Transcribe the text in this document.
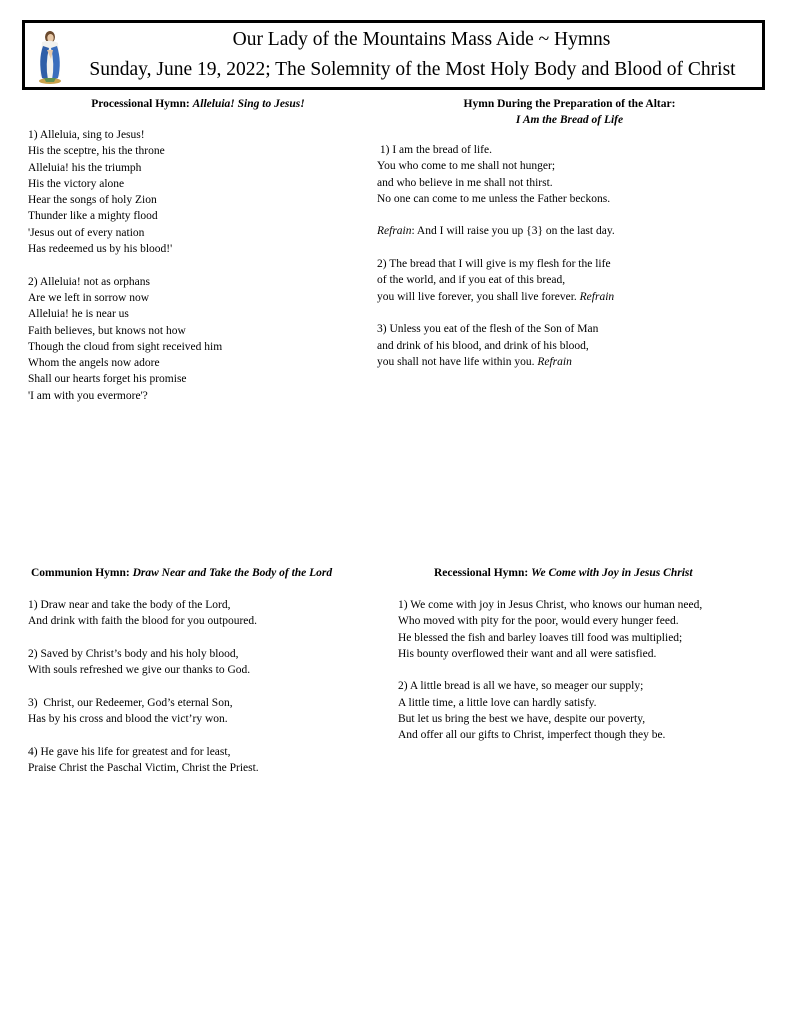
Our Lady of the Mountains Mass Aide ~ Hymns
Sunday, June 19, 2022; The Solemnity of the Most Holy Body and Blood of Christ
Processional Hymn: Alleluia! Sing to Jesus!
1) Alleluia, sing to Jesus!
His the sceptre, his the throne
Alleluia! his the triumph
His the victory alone
Hear the songs of holy Zion
Thunder like a mighty flood
'Jesus out of every nation
Has redeemed us by his blood!'
2) Alleluia! not as orphans
Are we left in sorrow now
Alleluia! he is near us
Faith believes, but knows not how
Though the cloud from sight received him
Whom the angels now adore
Shall our hearts forget his promise
'I am with you evermore'?
Hymn During the Preparation of the Altar:
I Am the Bread of Life
1) I am the bread of life.
You who come to me shall not hunger;
and who believe in me shall not thirst.
No one can come to me unless the Father beckons.
Refrain: And I will raise you up {3} on the last day.
2) The bread that I will give is my flesh for the life
of the world, and if you eat of this bread,
you will live forever, you shall live forever. Refrain
3) Unless you eat of the flesh of the Son of Man
and drink of his blood, and drink of his blood,
you shall not have life within you. Refrain
Communion Hymn: Draw Near and Take the Body of the Lord
1) Draw near and take the body of the Lord,
And drink with faith the blood for you outpoured.
2) Saved by Christ’s body and his holy blood,
With souls refreshed we give our thanks to God.
3)  Christ, our Redeemer, God’s eternal Son,
Has by his cross and blood the vict’ry won.
4) He gave his life for greatest and for least,
Praise Christ the Paschal Victim, Christ the Priest.
Recessional Hymn: We Come with Joy in Jesus Christ
1) We come with joy in Jesus Christ, who knows our human need,
Who moved with pity for the poor, would every hunger feed.
He blessed the fish and barley loaves till food was multiplied;
His bounty overflowed their want and all were satisfied.
2) A little bread is all we have, so meager our supply;
A little time, a little love can hardly satisfy.
But let us bring the best we have, despite our poverty,
And offer all our gifts to Christ, imperfect though they be.
